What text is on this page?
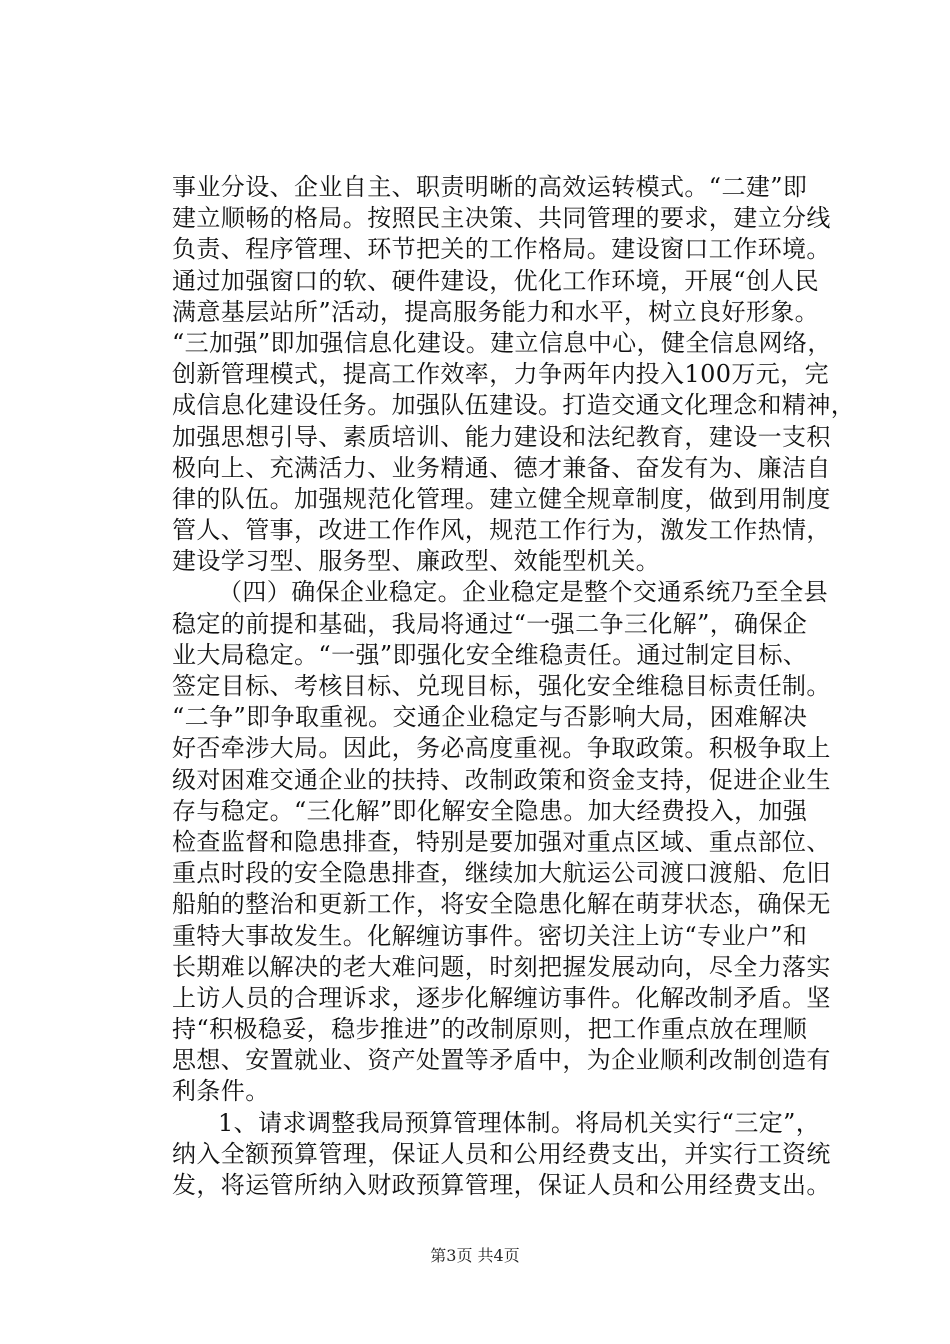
事业分设、企业自主、职责明晰的高效运转模式。“二建”即
建立顺畅的格局。按照民主决策、共同管理的要求，建立分线
负责、程序管理、环节把关的工作格局。建设窗口工作环境。
通过加强窗口的软、硬件建设，优化工作环境，开展“创人民
满意基层站所”活动，提高服务能力和水平，树立良好形象。
“三加强”即加强信息化建设。建立信息中心，健全信息网络，
创新管理模式，提高工作效率，力争两年内投入100万元，完
成信息化建设任务。加强队伍建设。打造交通文化理念和精神，
加强思想引导、素质培训、能力建设和法纪教育，建设一支积
极向上、充满活力、业务精通、德才兼备、奋发有为、廉洁自
律的队伍。加强规范化管理。建立健全规章制度，做到用制度
管人、管事，改进工作作风，规范工作行为，激发工作热情，
建设学习型、服务型、廉政型、效能型机关。
（四）确保企业稳定。企业稳定是整个交通系统乃至全县
稳定的前提和基础，我局将通过“一强二争三化解”，确保企
业大局稳定。“一强”即强化安全维稳责任。通过制定目标、
签定目标、考核目标、兑现目标，强化安全维稳目标责任制。
“二争”即争取重视。交通企业稳定与否影响大局，困难解决
好否牵涉大局。因此，务必高度重视。争取政策。积极争取上
级对困难交通企业的扶持、改制政策和资金支持，促进企业生
存与稳定。“三化解”即化解安全隐患。加大经费投入，加强
检查监督和隐患排查，特别是要加强对重点区域、重点部位、
重点时段的安全隐患排查，继续加大航运公司渡口渡船、危旧
船舶的整治和更新工作，将安全隐患化解在萌芽状态，确保无
重特大事故发生。化解缠访事件。密切关注上访“专业户”和
长期难以解决的老大难问题，时刻把握发展动向，尽全力落实
上访人员的合理诉求，逐步化解缠访事件。化解改制矛盾。坚
持“积极稳妥，稳步推进”的改制原则，把工作重点放在理顺
思想、安置就业、资产处置等矛盾中，为企业顺利改制创造有
利条件。
1、请求调整我局预算管理体制。将局机关实行“三定”，
纳入全额预算管理，保证人员和公用经费支出，并实行工资统
发，将运管所纳入财政预算管理，保证人员和公用经费支出。
第3页 共4页
